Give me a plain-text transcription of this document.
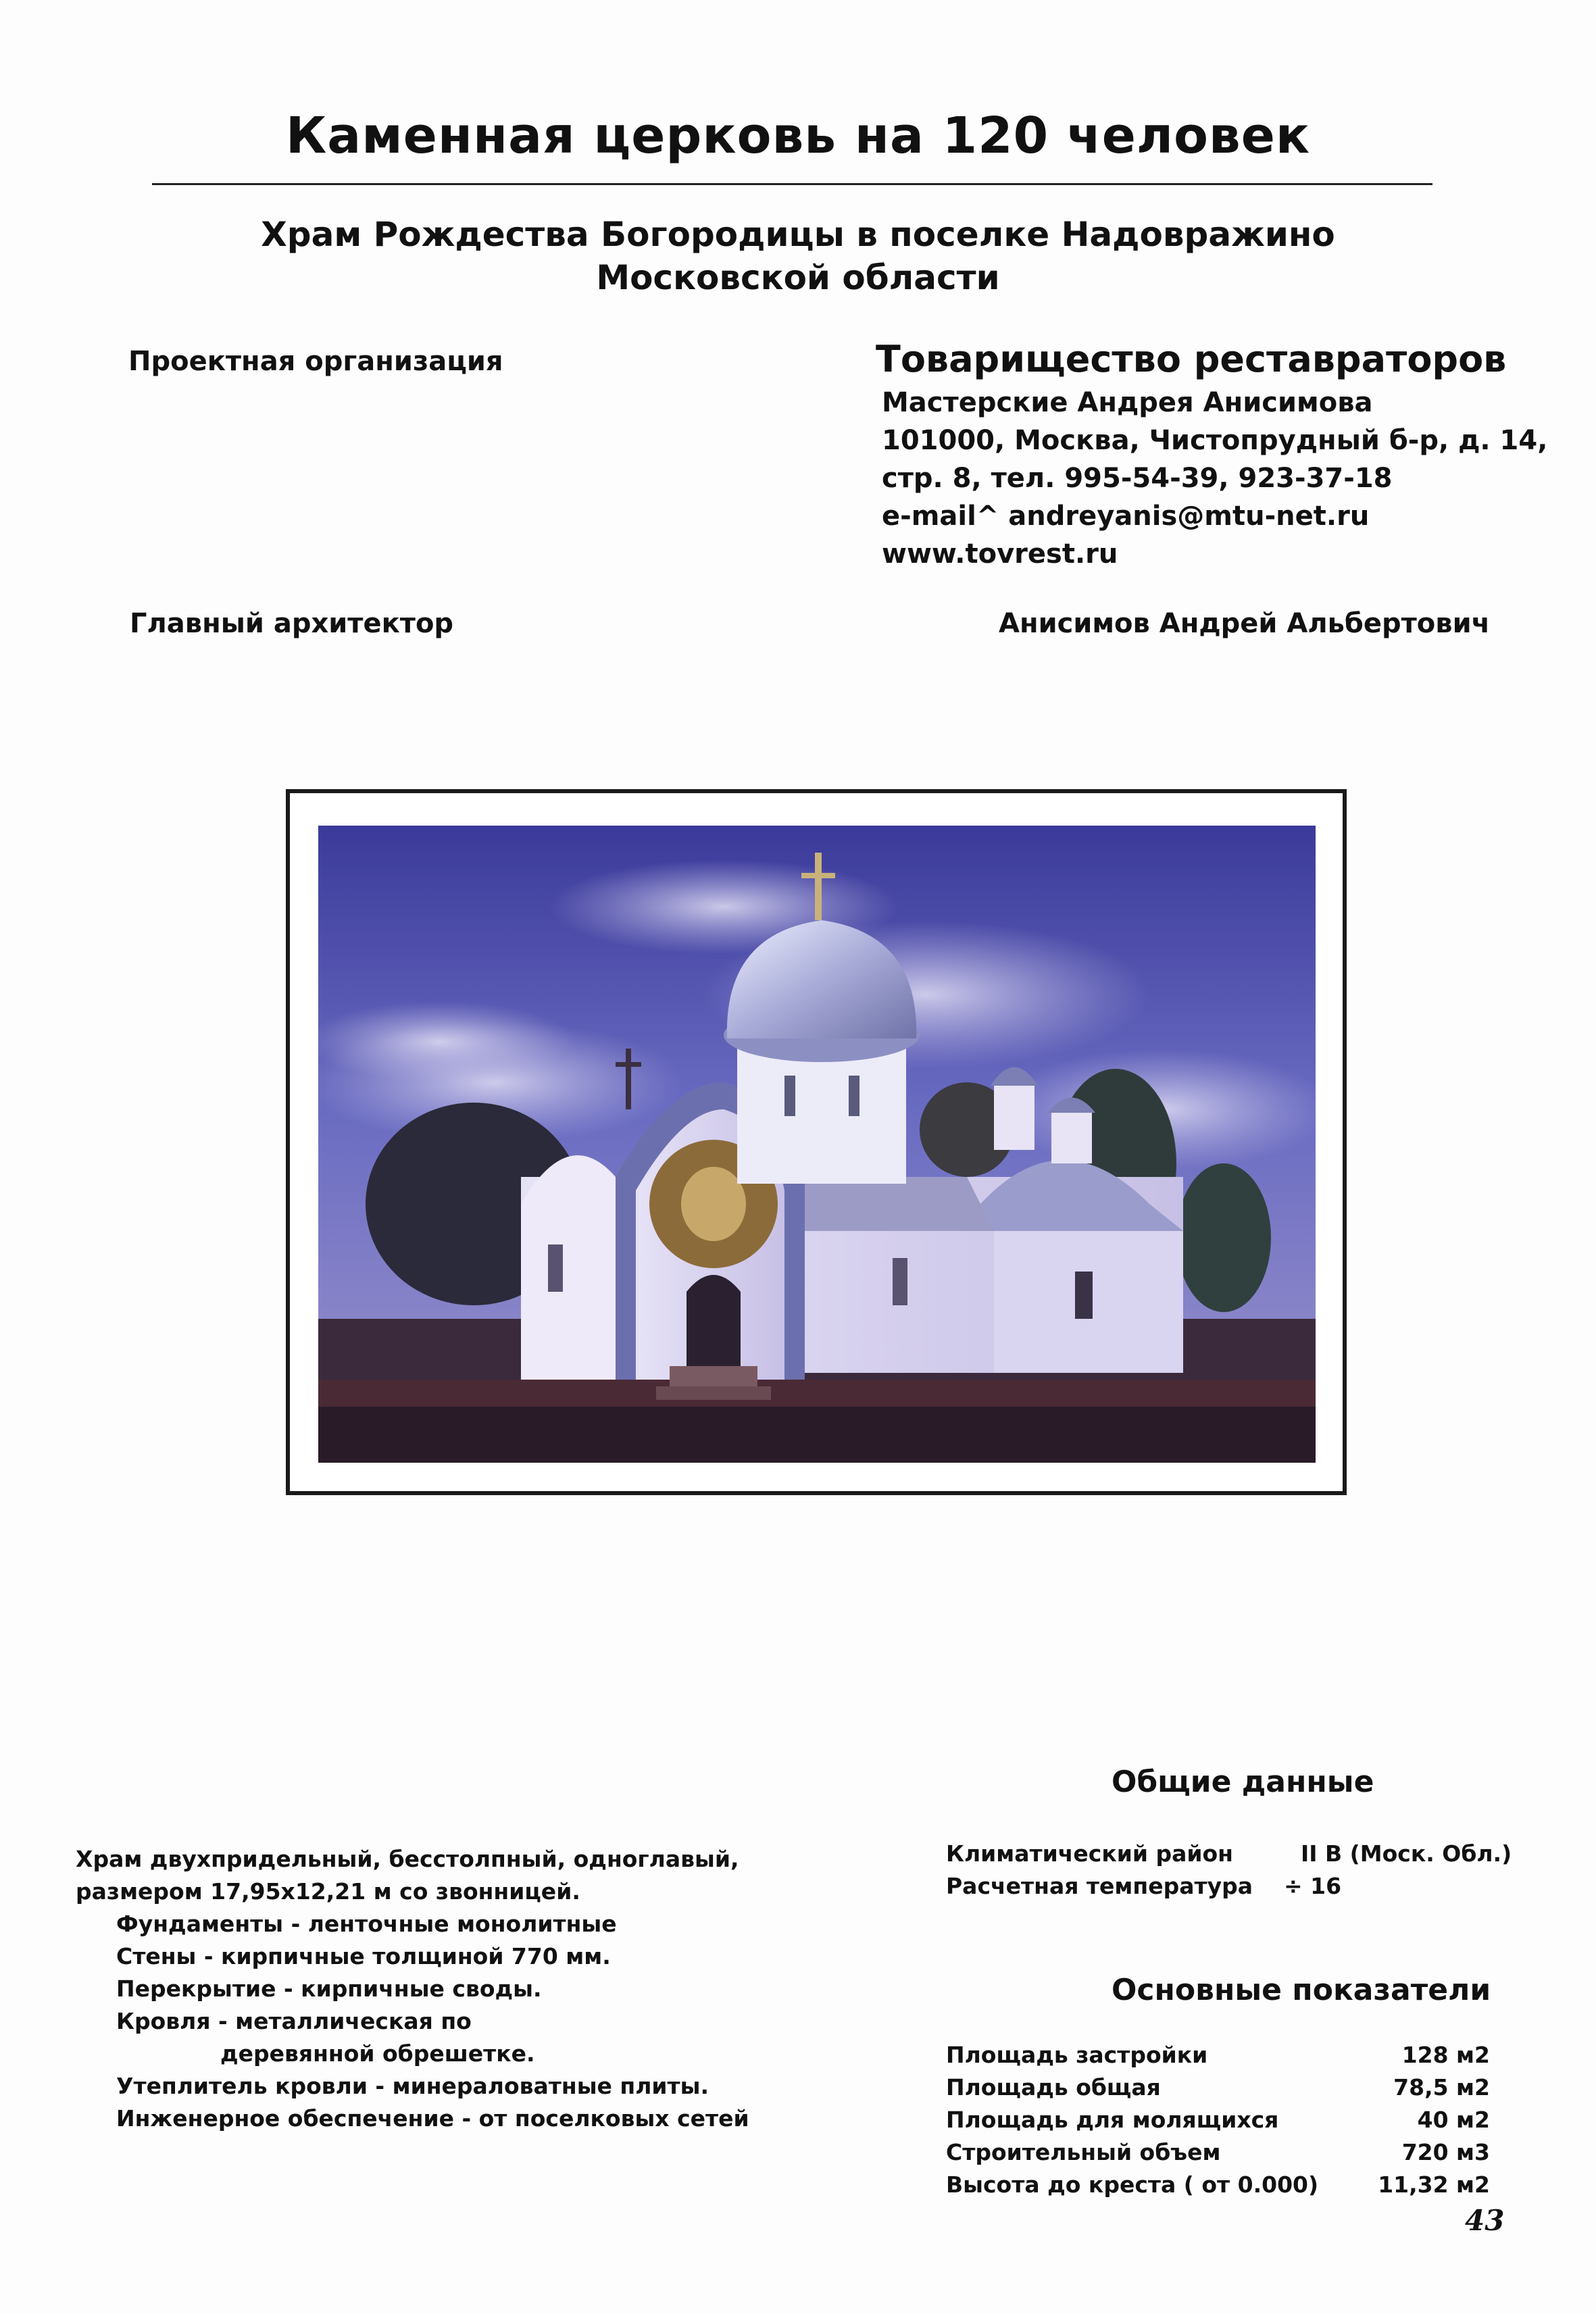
Каменная церковь на 120 человек
Храм Рождества Богородицы в поселке Надовражино
Московской области
Проектная организация	Товарищество реставраторов
Мастерские Андрея Анисимова
101000, Москва, Чистопрудный б-р, д. 14,
стр. 8, тел. 995-54-39, 923-37-18
e-mail^ andreyanis@mtu-net.ru
www.tovrest.ru
Главный архитектор	Анисимов Андрей Альбертович
Храм двухпридельный, бесстолпный, одноглавый,
размером 17,95х12,21 м со звонницей.
Фундаменты - ленточные монолитные
Стены - кирпичные толщиной 770 мм.
Перекрытие - кирпичные своды.
Кровля - металлическая по
деревянной обрешетке.
Утеплитель кровли - минераловатные плиты.
Инженерное обеспечение - от поселковых сетей
Общие данные
Климатический район	II В (Моск. Обл.)
Расчетная температура ÷ 16
Основные показатели
Площадь застройки	128 м2
Площадь общая	78,5 м2
Площадь для молящихся	40 м2
Строительный объем	720 м3
Высота до креста ( от 0.000)	11,32 м2
43
